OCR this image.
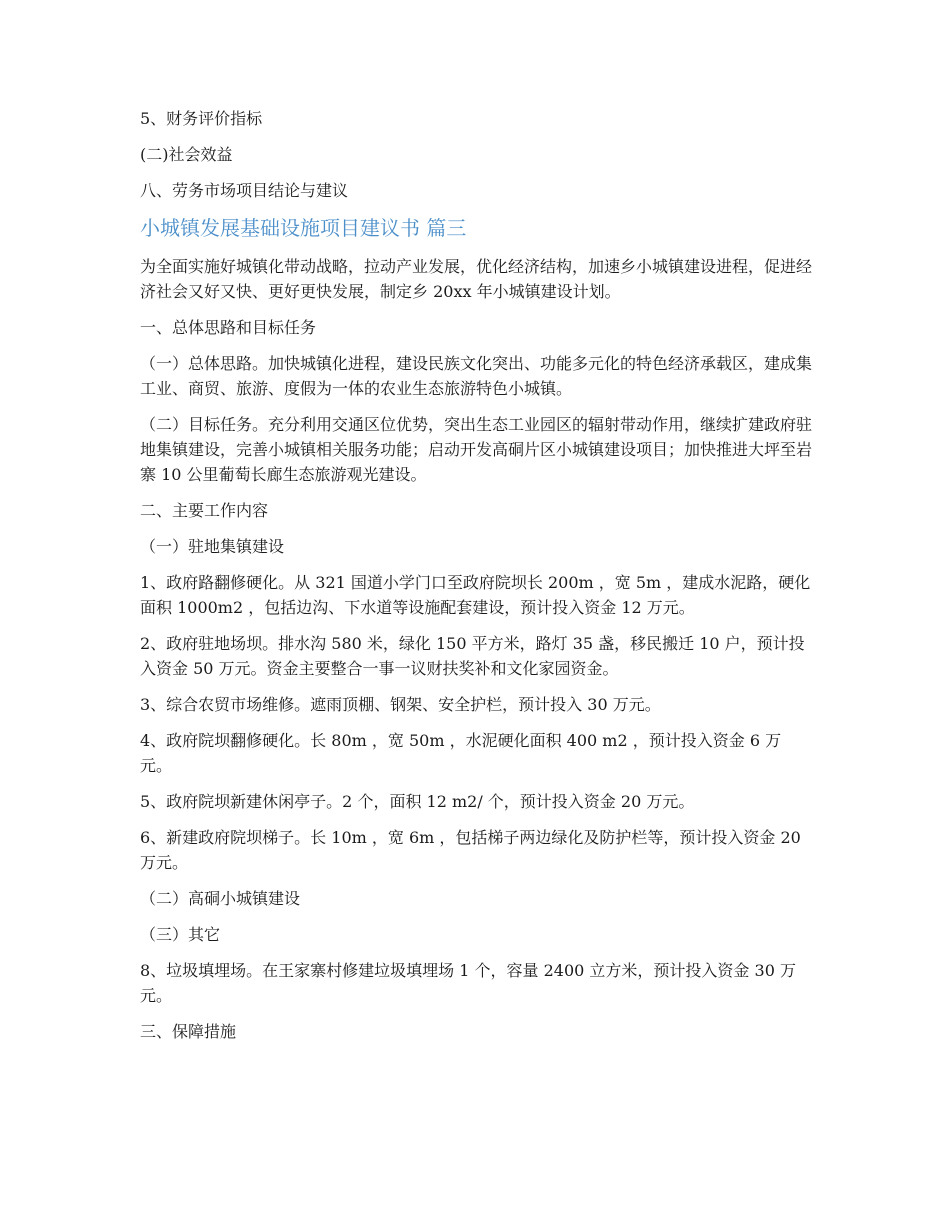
5、财务评价指标

(二)社会效益

八、劳务市场项目结论与建议

小城镇发展基础设施项目建议书 篇三

为全面实施好城镇化带动战略，拉动产业发展，优化经济结构，加速乡小城镇建设进程，促进经济社会又好又快、更好更快发展，制定乡 20xx 年小城镇建设计划。

一、总体思路和目标任务

（一）总体思路。加快城镇化进程，建设民族文化突出、功能多元化的特色经济承载区，建成集工业、商贸、旅游、度假为一体的农业生态旅游特色小城镇。

（二）目标任务。充分利用交通区位优势，突出生态工业园区的辐射带动作用，继续扩建政府驻地集镇建设，完善小城镇相关服务功能；启动开发高硐片区小城镇建设项目；加快推进大坪至岩寨 10 公里葡萄长廊生态旅游观光建设。

二、主要工作内容

（一）驻地集镇建设

1、政府路翻修硬化。从 321 国道小学门口至政府院坝长 200m ，宽 5m ，建成水泥路，硬化面积 1000m2 ，包括边沟、下水道等设施配套建设，预计投入资金 12 万元。

2、政府驻地场坝。排水沟 580 米，绿化 150 平方米，路灯 35 盏，移民搬迁 10 户，预计投入资金 50 万元。资金主要整合一事一议财扶奖补和文化家园资金。

3、综合农贸市场维修。遮雨顶棚、钢架、安全护栏，预计投入 30 万元。

4、政府院坝翻修硬化。长 80m ，宽 50m ，水泥硬化面积 400 m2 ，预计投入资金 6 万元。

5、政府院坝新建休闲亭子。2 个，面积 12 m2/ 个，预计投入资金 20 万元。

6、新建政府院坝梯子。长 10m ，宽 6m ，包括梯子两边绿化及防护栏等，预计投入资金 20 万元。

（二）高硐小城镇建设

（三）其它

8、垃圾填埋场。在王家寨村修建垃圾填埋场 1 个，容量 2400 立方米，预计投入资金 30 万元。

三、保障措施
